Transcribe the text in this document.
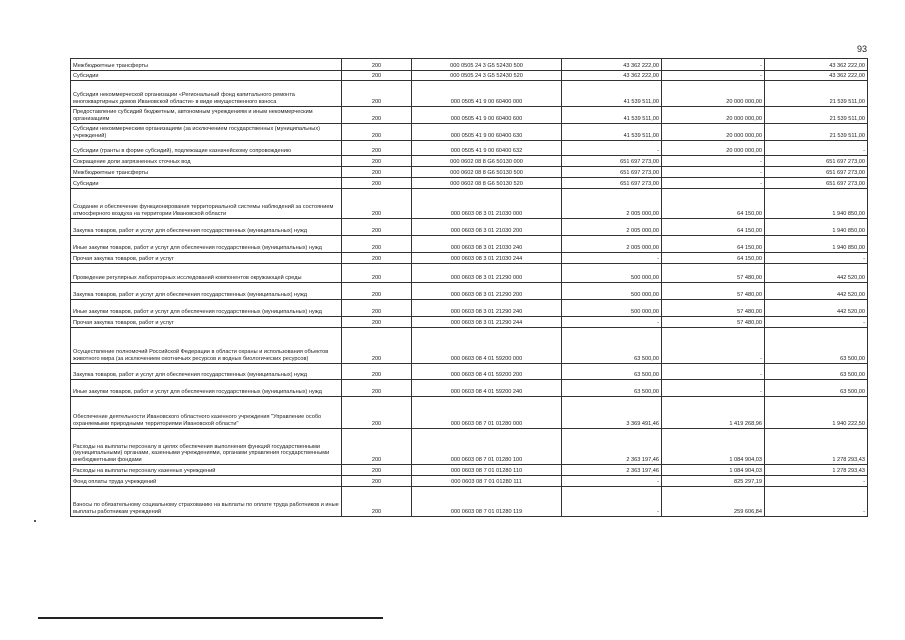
93
Межбюджетные трансферты	200	000 0505 24 3 G5 52430 500	43 362 222,00	-	43 362 222,00
Субсидии	200	000 0505 24 3 G5 52430 520	43 362 222,00	-	43 362 222,00
Субсидия некоммерческой организации «Региональный фонд капитального ремонта многоквартирных домов Ивановской области» в виде имущественного взноса	200	000 0505 41 9 00 60400 000	41 539 511,00	20 000 000,00	21 539 511,00
Предоставление субсидий бюджетным, автономным учреждениям и иным некоммерческим организациям	200	000 0505 41 9 00 60400 600	41 539 511,00	20 000 000,00	21 539 511,00
Субсидии некоммерческим организациям (за исключением государственных (муниципальных) учреждений)	200	000 0505 41 9 00 60400 630	41 539 511,00	20 000 000,00	21 539 511,00
Субсидии (гранты в форме субсидий), подлежащие казначейскому сопровождению	200	000 0505 41 9 00 60400 632	-	20 000 000,00	-
Сокращение доли загрязненных сточных вод	200	000 0602 08 8 G6 50130 000	651 697 273,00	-	651 697 273,00
Межбюджетные трансферты	200	000 0602 08 8 G6 50130 500	651 697 273,00	-	651 697 273,00
Субсидии	200	000 0602 08 8 G6 50130 520	651 697 273,00	-	651 697 273,00
Создание и обеспечение функционирования территориальной системы наблюдений за состоянием атмосферного воздуха на территории Ивановской области	200	000 0603 08 3 01 21030 000	2 005 000,00	64 150,00	1 940 850,00
Закупка товаров, работ и услуг для обеспечения государственных (муниципальных) нужд	200	000 0603 08 3 01 21030 200	2 005 000,00	64 150,00	1 940 850,00
Иные закупки товаров, работ и услуг для обеспечения государственных (муниципальных) нужд	200	000 0603 08 3 01 21030 240	2 005 000,00	64 150,00	1 940 850,00
Прочая закупка товаров, работ и услуг	200	000 0603 08 3 01 21030 244	-	64 150,00	-
Проведение регулярных лабораторных исследований компонентов окружающей среды	200	000 0603 08 3 01 21290 000	500 000,00	57 480,00	442 520,00
Закупка товаров, работ и услуг для обеспечения государственных (муниципальных) нужд	200	000 0603 08 3 01 21290 200	500 000,00	57 480,00	442 520,00
Иные закупки товаров, работ и услуг для обеспечения государственных (муниципальных) нужд	200	000 0603 08 3 01 21290 240	500 000,00	57 480,00	442 520,00
Прочая закупка товаров, работ и услуг	200	000 0603 08 3 01 21290 244	-	57 480,00	-
Осуществление полномочий Российской Федерации в области охраны и использования объектов животного мира (за исключением охотничьих ресурсов и водных биологических ресурсов)	200	000 0603 08 4 01 59200 000	63 500,00	-	63 500,00
Закупка товаров, работ и услуг для обеспечения государственных (муниципальных) нужд	200	000 0603 08 4 01 59200 200	63 500,00	-	63 500,00
Иные закупки товаров, работ и услуг для обеспечения государственных (муниципальных) нужд	200	000 0603 08 4 01 59200 240	63 500,00	-	63 500,00
Обеспечение деятельности Ивановского областного казенного учреждения "Управление особо охраняемыми природными территориями Ивановской области"	200	000 0603 08 7 01 01280 000	3 369 491,46	1 419 268,96	1 940 222,50
Расходы на выплаты персоналу в целях обеспечения выполнения функций государственными (муниципальными) органами, казенными учреждениями, органами управления государственными внебюджетными фондами	200	000 0603 08 7 01 01280 100	2 363 197,46	1 084 904,03	1 278 293,43
Расходы на выплаты персоналу казенных учреждений	200	000 0603 08 7 01 01280 110	2 363 197,46	1 084 904,03	1 278 293,43
Фонд оплаты труда учреждений	200	000 0603 08 7 01 01280 111	-	825 297,19	-
Взносы по обязательному социальному страхованию на выплаты по оплате труда работников и иные выплаты работникам учреждений	200	000 0603 08 7 01 01280 119	-	259 606,84	-
